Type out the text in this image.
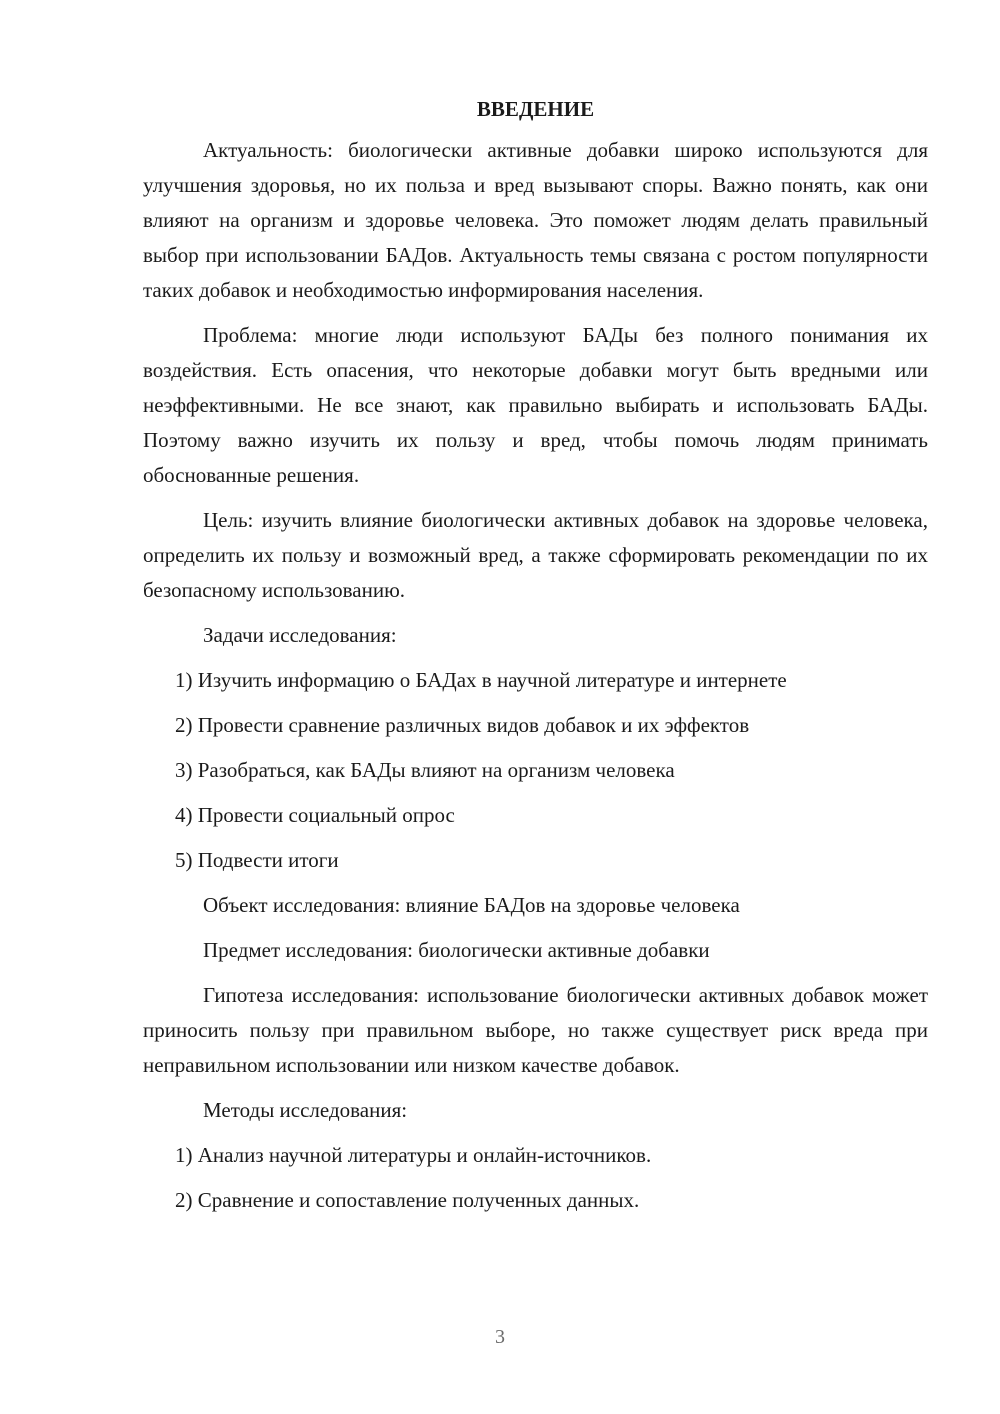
ВВЕДЕНИЕ

Актуальность: биологически активные добавки широко используются для улучшения здоровья, но их польза и вред вызывают споры. Важно понять, как они влияют на организм и здоровье человека. Это поможет людям делать правильный выбор при использовании БАДов. Актуальность темы связана с ростом популярности таких добавок и необходимостью информирования населения.

Проблема: многие люди используют БАДы без полного понимания их воздействия. Есть опасения, что некоторые добавки могут быть вредными или неэффективными. Не все знают, как правильно выбирать и использовать БАДы. Поэтому важно изучить их пользу и вред, чтобы помочь людям принимать обоснованные решения.

Цель: изучить влияние биологически активных добавок на здоровье человека, определить их пользу и возможный вред, а также сформировать рекомендации по их безопасному использованию.

Задачи исследования:

1) Изучить информацию о БАДах в научной литературе и интернете

2) Провести сравнение различных видов добавок и их эффектов

3) Разобраться, как БАДы влияют на организм человека

4) Провести социальный опрос

5) Подвести итоги

Объект исследования: влияние БАДов на здоровье человека

Предмет исследования: биологически активные добавки

Гипотеза исследования: использование биологически активных добавок может приносить пользу при правильном выборе, но также существует риск вреда при неправильном использовании или низком качестве добавок.

Методы исследования:

1) Анализ научной литературы и онлайн-источников.

2) Сравнение и сопоставление полученных данных.

3
